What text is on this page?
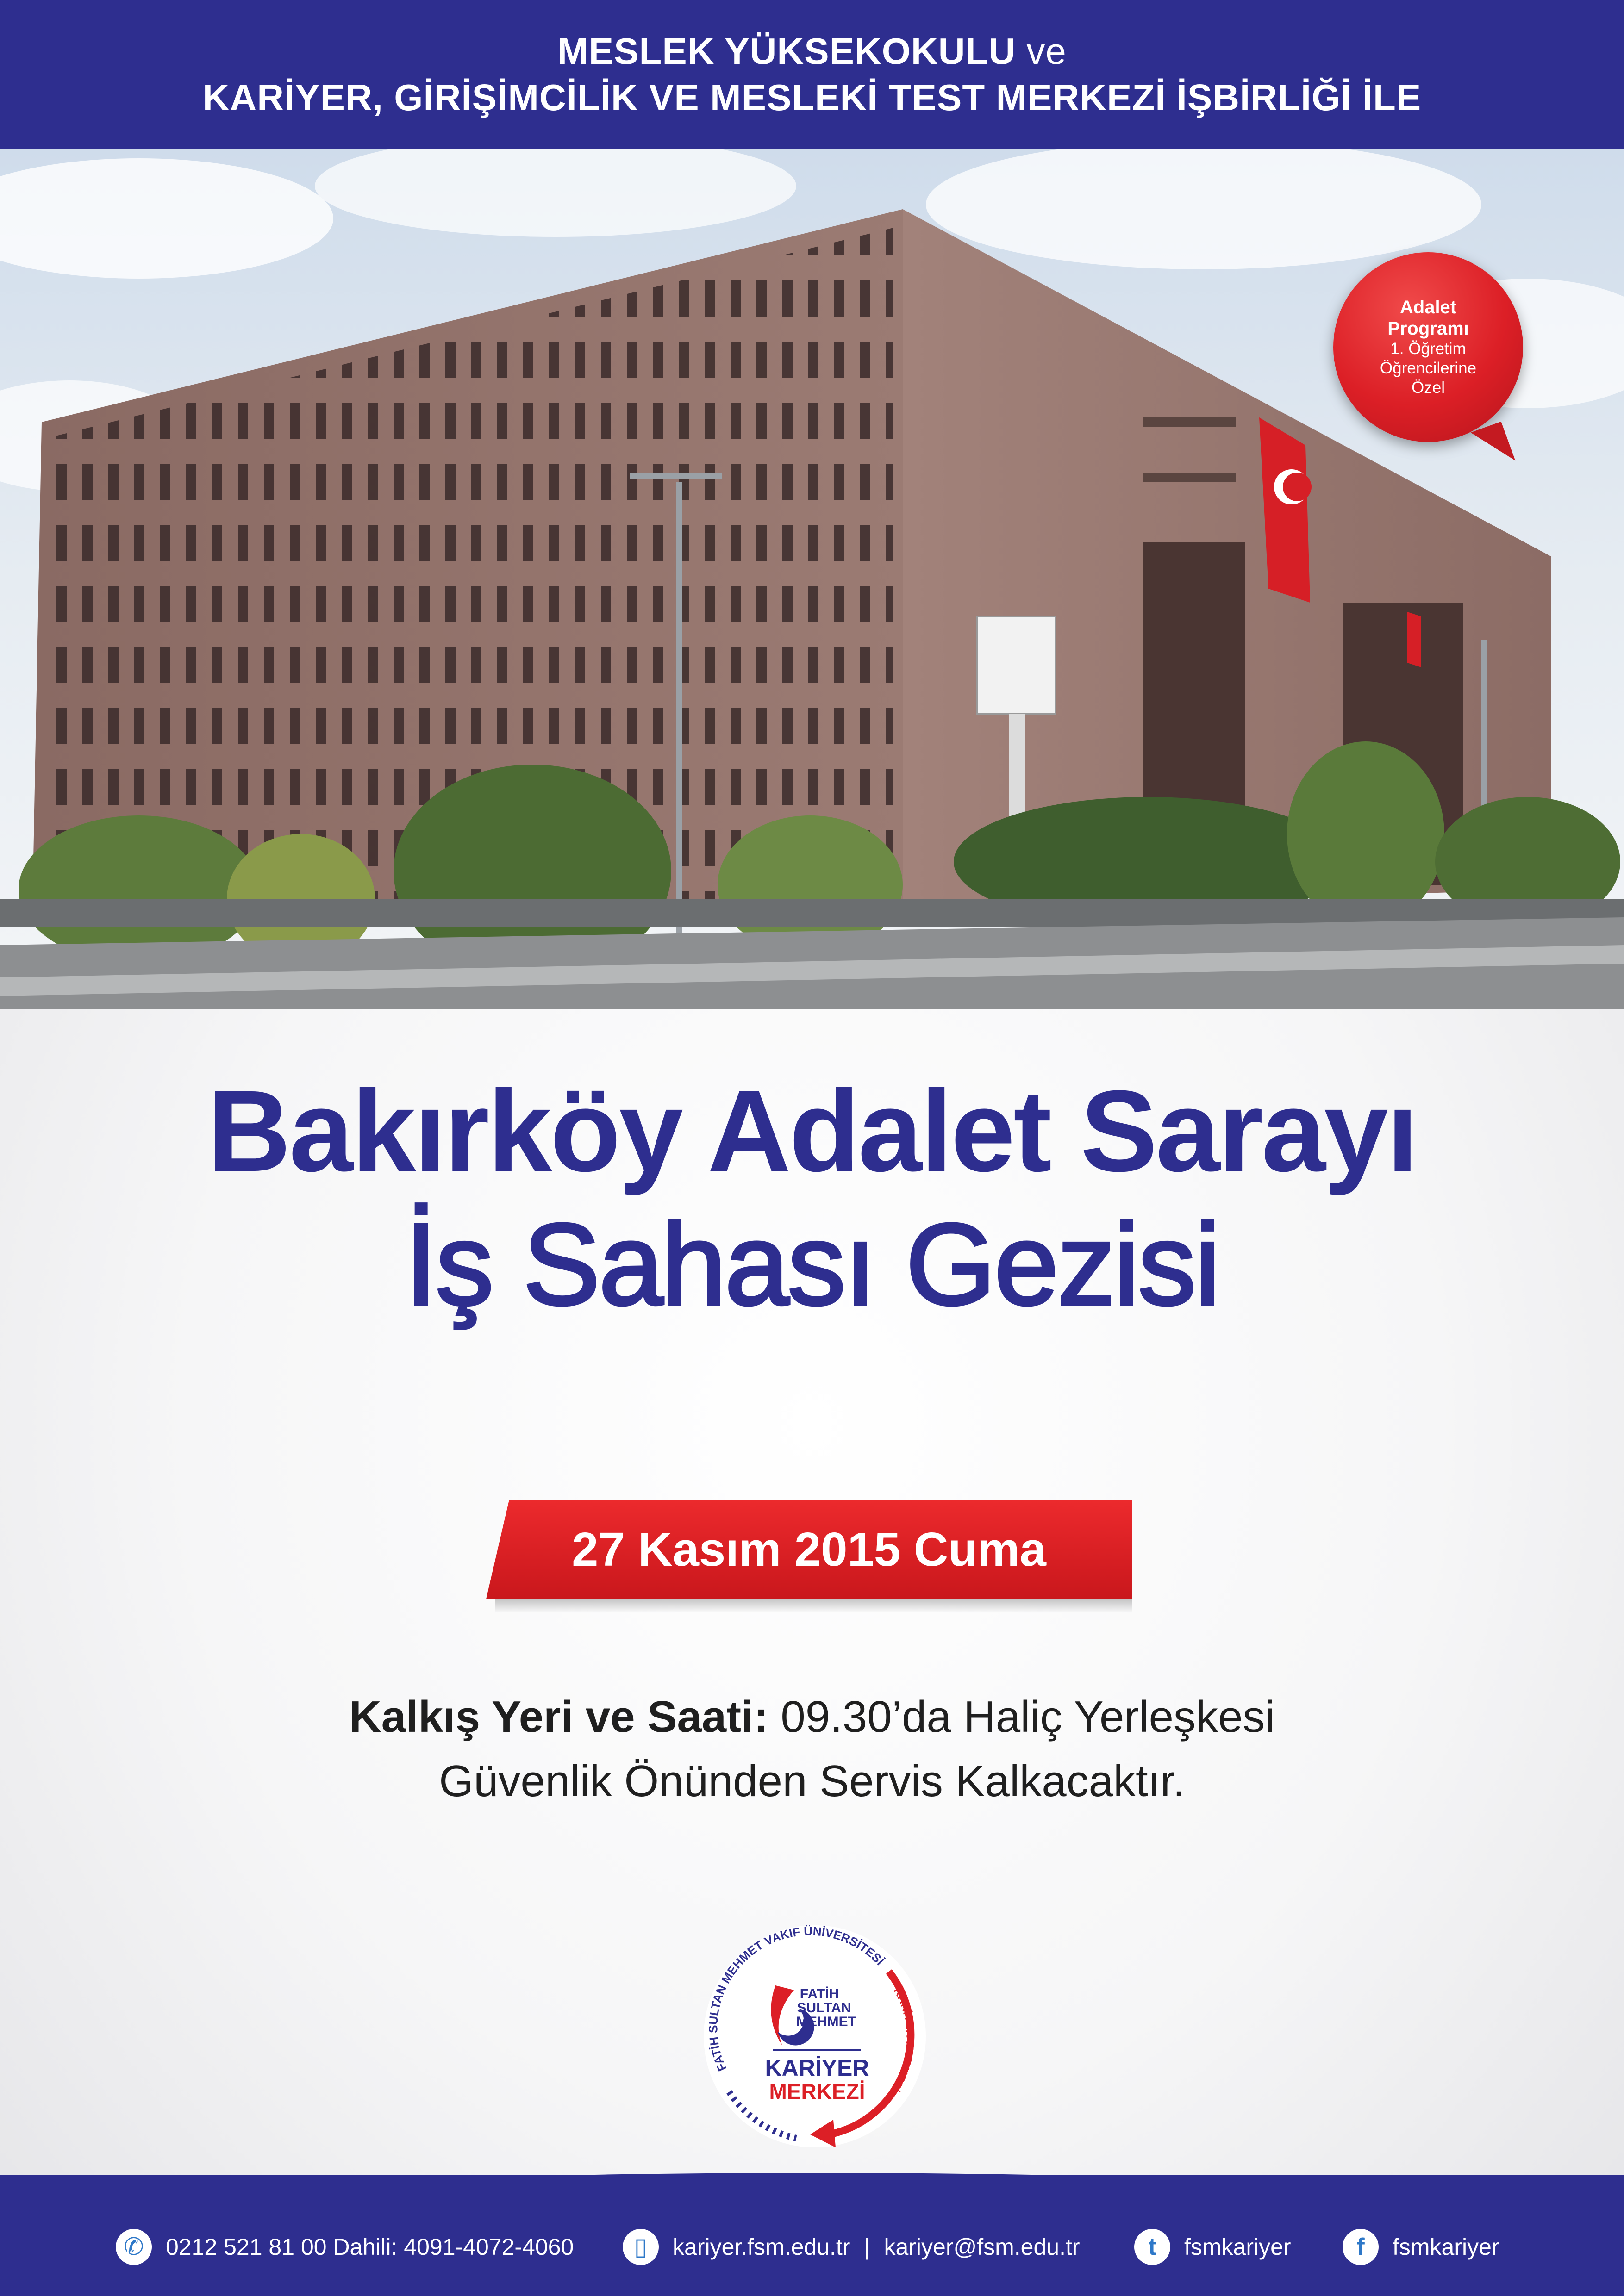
MESLEK YÜKSEKOKULU ve
KARİYER, GİRİŞİMCİLİK VE MESLEKİ TEST MERKEZİ İŞBİRLİĞİ İLE
Adalet
Programı
1. Öğretim
Öğrencilerine
Özel
Bakırköy Adalet Sarayı
İş Sahası Gezisi
27 Kasım 2015 Cuma
Kalkış Yeri ve Saati: 09.30’da Haliç Yerleşkesi
Güvenlik Önünden Servis Kalkacaktır.
FATİH SULTAN MEHMET VAKIF ÜNİVERSİTESİ
KARİYER MERKEZİ
FATİH
SULTAN
MEHMET
KARİYER
MERKEZİ
✆ 0212 521 81 00 Dahili: 4091-4072-4060	▯	kariyer.fsm.edu.tr | kariyer@fsm.edu.tr	t	fsmkariyer	f	fsmkariyer
